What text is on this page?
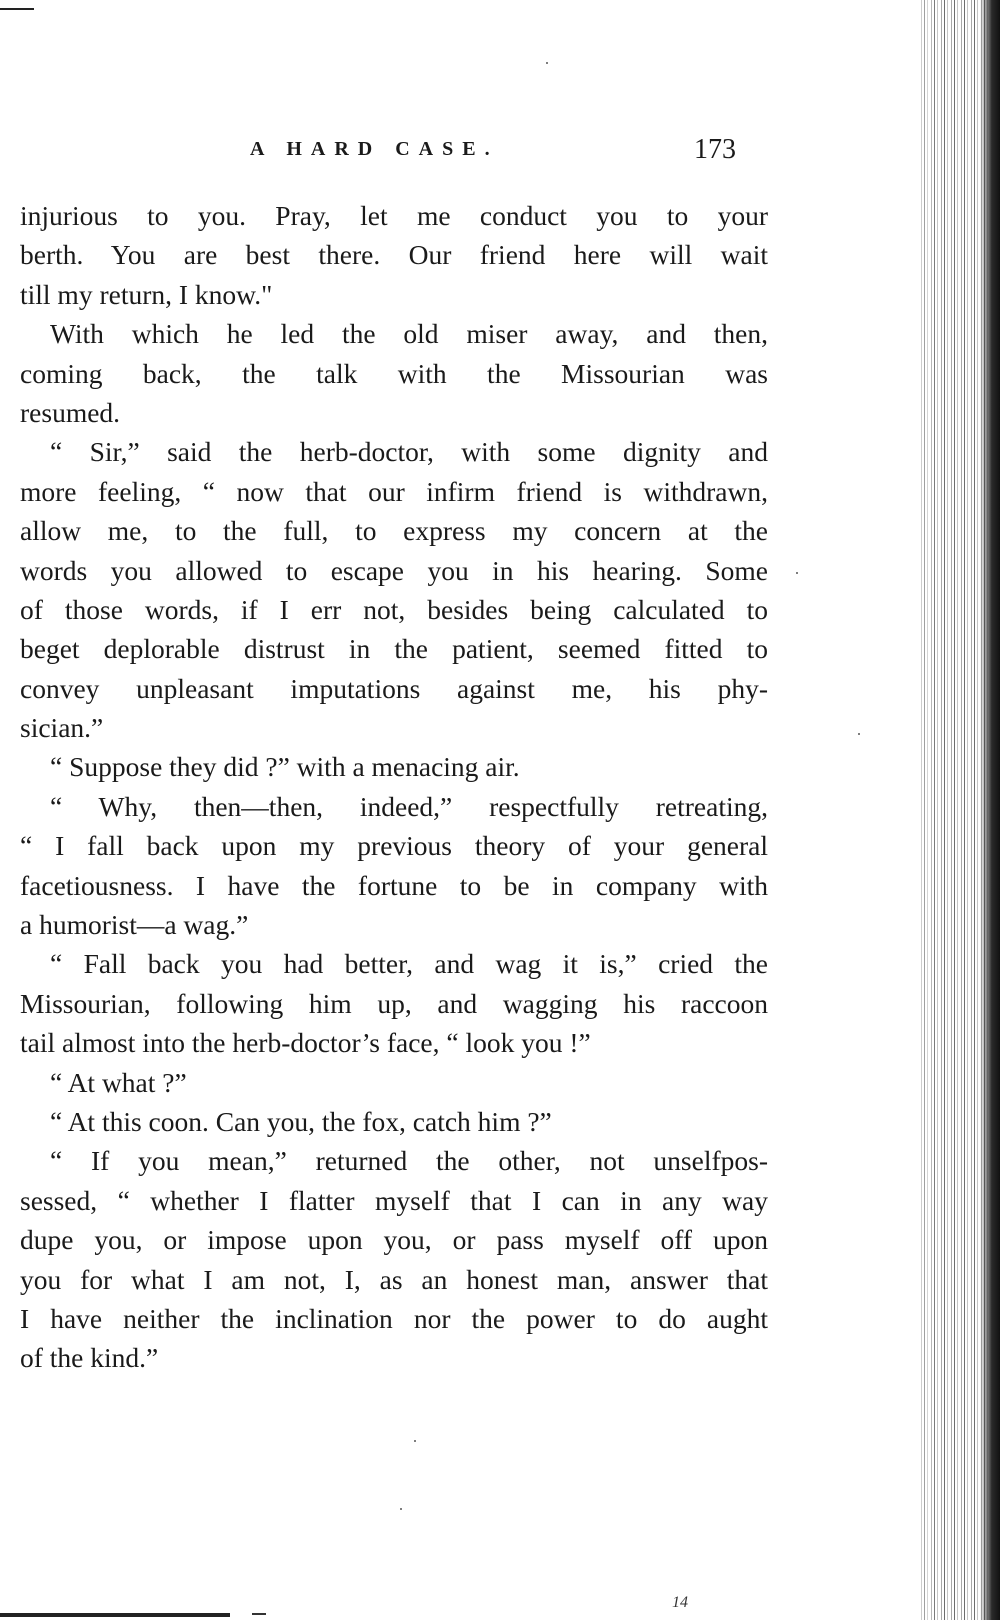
A HARD CASE.	173
injurious to you. Pray, let me conduct you to your
berth. You are best there. Our friend here will wait
till my return, I know."
With which he led the old miser away, and then,
coming back, the talk with the Missourian was
resumed.
“ Sir,” said the herb-doctor, with some dignity and
more feeling, “ now that our infirm friend is withdrawn,
allow me, to the full, to express my concern at the
words you allowed to escape you in his hearing. Some
of those words, if I err not, besides being calculated to
beget deplorable distrust in the patient, seemed fitted to
convey unpleasant imputations against me, his phy-
sician.”
“ Suppose they did ?” with a menacing air.
“ Why, then—then, indeed,” respectfully retreating,
“ I fall back upon my previous theory of your general
facetiousness. I have the fortune to be in company with
a humorist—a wag.”
“ Fall back you had better, and wag it is,” cried the
Missourian, following him up, and wagging his raccoon
tail almost into the herb-doctor’s face, “ look you !”
“ At what ?”
“ At this coon. Can you, the fox, catch him ?”
“ If you mean,” returned the other, not unselfpos-
sessed, “ whether I flatter myself that I can in any way
dupe you, or impose upon you, or pass myself off upon
you for what I am not, I, as an honest man, answer that
I have neither the inclination nor the power to do aught
of the kind.”
14
